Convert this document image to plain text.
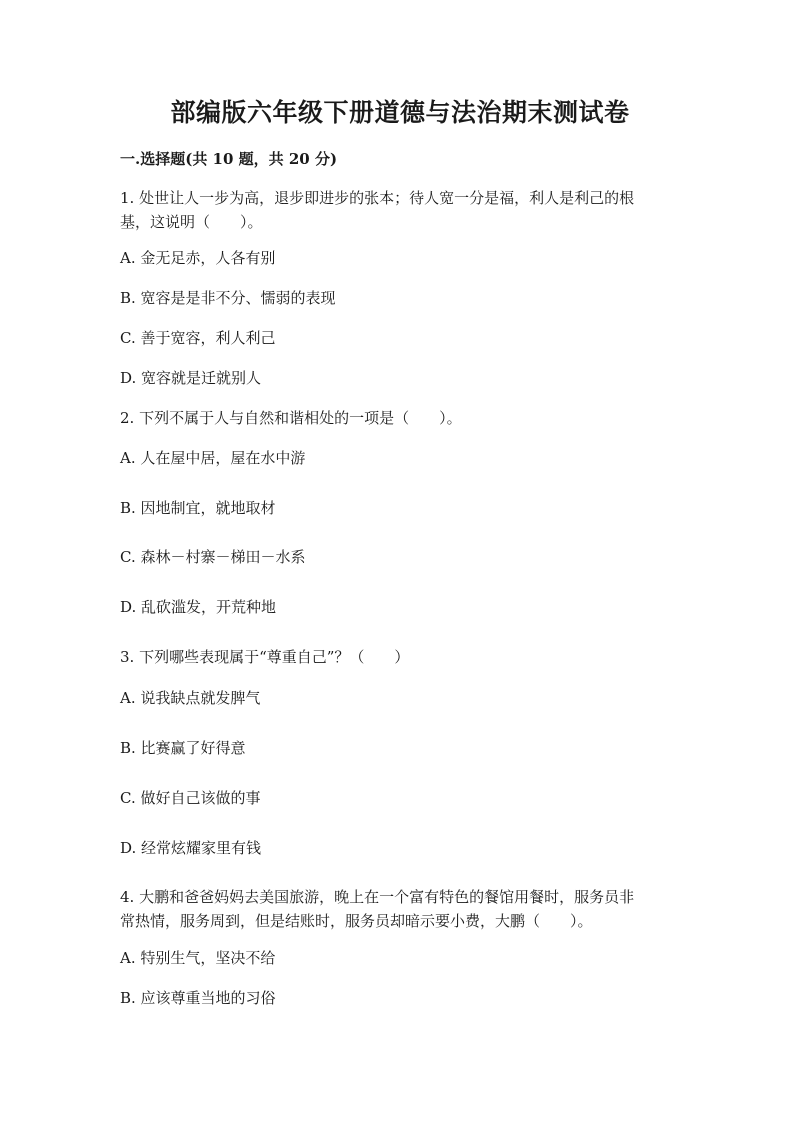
部编版六年级下册道德与法治期末测试卷
一.选择题(共 10 题，共 20 分)
1. 处世让人一步为高，退步即进步的张本；待人宽一分是福，利人是利己的根
基，这说明（　　）。
A. 金无足赤，人各有别
B. 宽容是是非不分、懦弱的表现
C. 善于宽容，利人利己
D. 宽容就是迁就别人
2. 下列不属于人与自然和谐相处的一项是（　　）。
A. 人在屋中居，屋在水中游
B. 因地制宜，就地取材
C. 森林－村寨－梯田－水系
D. 乱砍滥发，开荒种地
3. 下列哪些表现属于“尊重自己”？（　　）
A. 说我缺点就发脾气
B. 比赛赢了好得意
C. 做好自己该做的事
D. 经常炫耀家里有钱
4. 大鹏和爸爸妈妈去美国旅游，晚上在一个富有特色的餐馆用餐时，服务员非
常热情，服务周到，但是结账时，服务员却暗示要小费，大鹏（　　）。
A. 特别生气，坚决不给
B. 应该尊重当地的习俗
